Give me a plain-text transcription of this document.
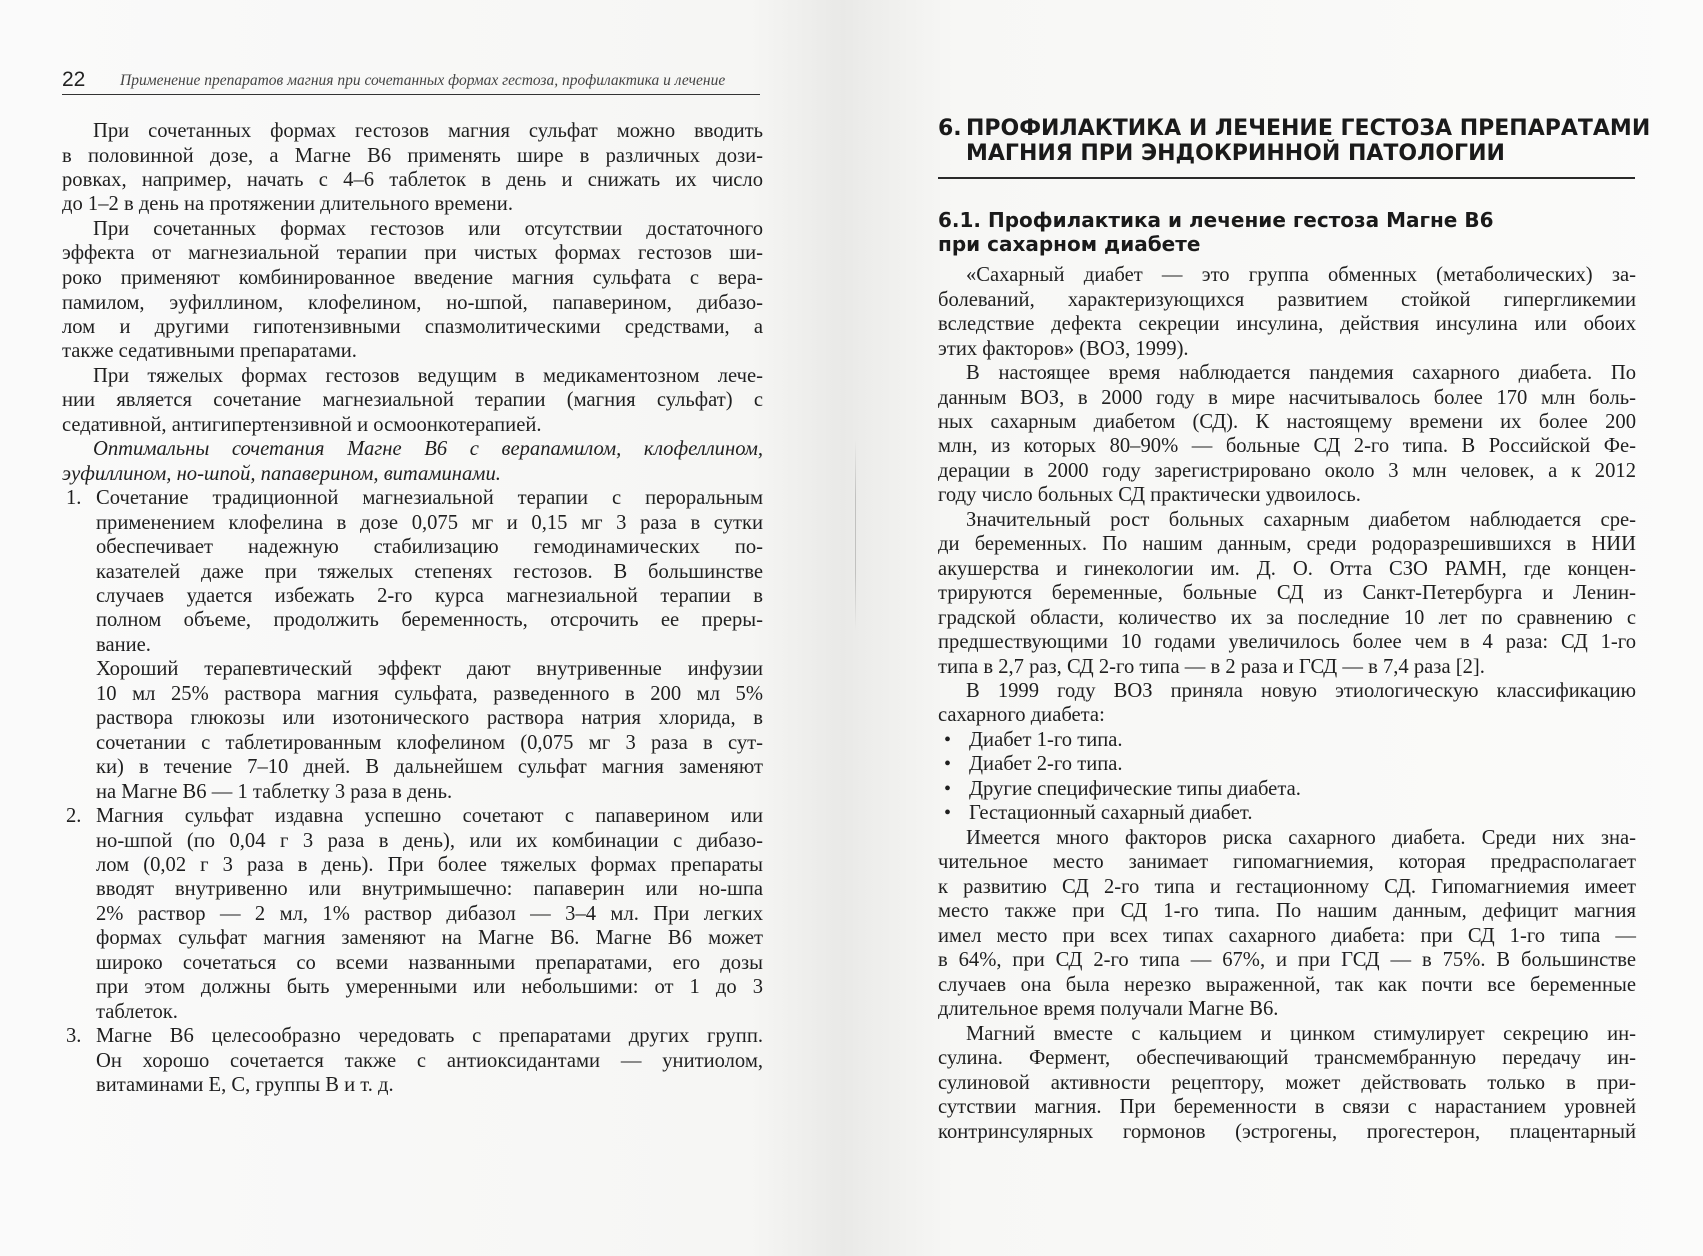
22 Применение препаратов магния при сочетанных формах гестоза, профилактика и лечение
При сочетанных формах гестозов магния сульфат можно вводить
в половинной дозе, а Магне В6 применять шире в различных дози-
ровках, например, начать с 4–6 таблеток в день и снижать их число
до 1–2 в день на протяжении длительного времени.
При сочетанных формах гестозов или отсутствии достаточного
эффекта от магнезиальной терапии при чистых формах гестозов ши-
роко применяют комбинированное введение магния сульфата с вера-
памилом, эуфиллином, клофелином, но-шпой, папаверином, дибазо-
лом и другими гипотензивными спазмолитическими средствами, а
также седативными препаратами.
При тяжелых формах гестозов ведущим в медикаментозном лече-
нии является сочетание магнезиальной терапии (магния сульфат) с
седативной, антигипертензивной и осмоонкотерапией.
Оптимальны сочетания Магне В6 с верапамилом, клофеллином,
эуфиллином, но-шпой, папаверином, витаминами.
1. Сочетание традиционной магнезиальной терапии с пероральным
применением клофелина в дозе 0,075 мг и 0,15 мг 3 раза в сутки
обеспечивает надежную стабилизацию гемодинамических по-
казателей даже при тяжелых степенях гестозов. В большинстве
случаев удается избежать 2-го курса магнезиальной терапии в
полном объеме, продолжить беременность, отсрочить ее преры-
вание.
Хороший терапевтический эффект дают внутривенные инфузии
10 мл 25% раствора магния сульфата, разведенного в 200 мл 5%
раствора глюкозы или изотонического раствора натрия хлорида, в
сочетании с таблетированным клофелином (0,075 мг 3 раза в сут-
ки) в течение 7–10 дней. В дальнейшем сульфат магния заменяют
на Магне В6 — 1 таблетку 3 раза в день.
2. Магния сульфат издавна успешно сочетают с папаверином или
но-шпой (по 0,04 г 3 раза в день), или их комбинации с дибазо-
лом (0,02 г 3 раза в день). При более тяжелых формах препараты
вводят внутривенно или внутримышечно: папаверин или но-шпа
2% раствор — 2 мл, 1% раствор дибазол — 3–4 мл. При легких
формах сульфат магния заменяют на Магне В6. Магне В6 может
широко сочетаться со всеми названными препаратами, его дозы
при этом должны быть умеренными или небольшими: от 1 до 3
таблеток.
3. Магне В6 целесообразно чередовать с препаратами других групп.
Он хорошо сочетается также с антиоксидантами — унитиолом,
витаминами Е, С, группы В и т. д.
6. ПРОФИЛАКТИКА И ЛЕЧЕНИЕ ГЕСТОЗА ПРЕПАРАТАМИ
МАГНИЯ ПРИ ЭНДОКРИННОЙ ПАТОЛОГИИ
6.1. Профилактика и лечение гестоза Магне В6
при сахарном диабете
«Сахарный диабет — это группа обменных (метаболических) за-
болеваний, характеризующихся развитием стойкой гипергликемии
вследствие дефекта секреции инсулина, действия инсулина или обоих
этих факторов» (ВОЗ, 1999).
В настоящее время наблюдается пандемия сахарного диабета. По
данным ВОЗ, в 2000 году в мире насчитывалось более 170 млн боль-
ных сахарным диабетом (СД). К настоящему времени их более 200
млн, из которых 80–90% — больные СД 2-го типа. В Российской Фе-
дерации в 2000 году зарегистрировано около 3 млн человек, а к 2012
году число больных СД практически удвоилось.
Значительный рост больных сахарным диабетом наблюдается сре-
ди беременных. По нашим данным, среди родоразрешившихся в НИИ
акушерства и гинекологии им. Д. О. Отта СЗО РАМН, где концен-
трируются беременные, больные СД из Санкт-Петербурга и Ленин-
градской области, количество их за последние 10 лет по сравнению с
предшествующими 10 годами увеличилось более чем в 4 раза: СД 1-го
типа в 2,7 раз, СД 2-го типа — в 2 раза и ГСД — в 7,4 раза [2].
В 1999 году ВОЗ приняла новую этиологическую классификацию
сахарного диабета:
• Диабет 1-го типа.
• Диабет 2-го типа.
• Другие специфические типы диабета.
• Гестационный сахарный диабет.
Имеется много факторов риска сахарного диабета. Среди них зна-
чительное место занимает гипомагниемия, которая предрасполагает
к развитию СД 2-го типа и гестационному СД. Гипомагниемия имеет
место также при СД 1-го типа. По нашим данным, дефицит магния
имел место при всех типах сахарного диабета: при СД 1-го типа —
в 64%, при СД 2-го типа — 67%, и при ГСД — в 75%. В большинстве
случаев она была нерезко выраженной, так как почти все беременные
длительное время получали Магне В6.
Магний вместе с кальцием и цинком стимулирует секрецию ин-
сулина. Фермент, обеспечивающий трансмембранную передачу ин-
сулиновой активности рецептору, может действовать только в при-
сутствии магния. При беременности в связи с нарастанием уровней
контринсулярных гормонов (эстрогены, прогестерон, плацентарный
